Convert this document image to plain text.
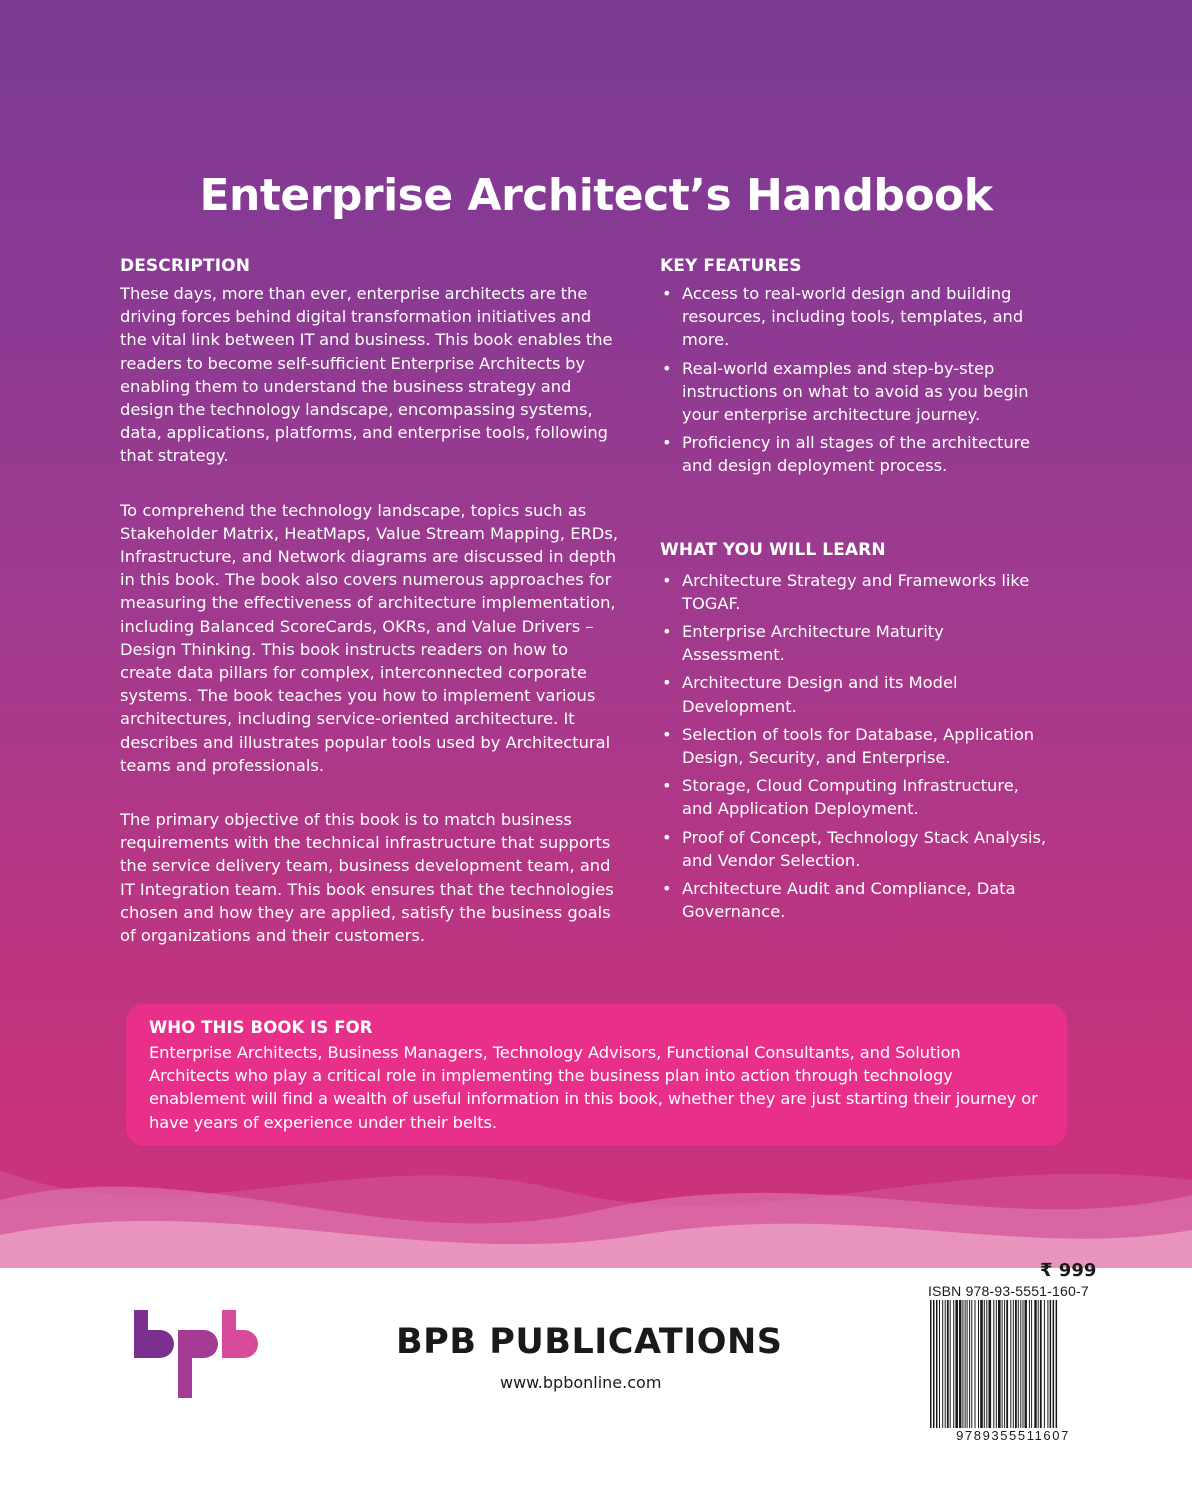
Enterprise Architect’s Handbook
DESCRIPTION

These days, more than ever, enterprise architects are the driving forces behind digital transformation initiatives and the vital link between IT and business. This book enables the readers to become self-sufficient Enterprise Architects by enabling them to understand the business strategy and design the technology landscape, encompassing systems, data, applications, platforms, and enterprise tools, following that strategy.

To comprehend the technology landscape, topics such as Stakeholder Matrix, HeatMaps, Value Stream Mapping, ERDs, Infrastructure, and Network diagrams are discussed in depth in this book. The book also covers numerous approaches for measuring the effectiveness of architecture implementation, including Balanced ScoreCards, OKRs, and Value Drivers – Design Thinking. This book instructs readers on how to create data pillars for complex, interconnected corporate systems. The book teaches you how to implement various architectures, including service-oriented architecture. It describes and illustrates popular tools used by Architectural teams and professionals.

The primary objective of this book is to match business requirements with the technical infrastructure that supports the service delivery team, business development team, and IT Integration team. This book ensures that the technologies chosen and how they are applied, satisfy the business goals of organizations and their customers.

KEY FEATURES
• Access to real-world design and building resources, including tools, templates, and more.
• Real-world examples and step-by-step instructions on what to avoid as you begin your enterprise architecture journey.
• Proficiency in all stages of the architecture and design deployment process.
WHAT YOU WILL LEARN
• Architecture Strategy and Frameworks like TOGAF.
• Enterprise Architecture Maturity Assessment.
• Architecture Design and its Model Development.
• Selection of tools for Database, Application Design, Security, and Enterprise.
• Storage, Cloud Computing Infrastructure, and Application Deployment.
• Proof of Concept, Technology Stack Analysis, and Vendor Selection.
• Architecture Audit and Compliance, Data Governance.
WHO THIS BOOK IS FOR

Enterprise Architects, Business Managers, Technology Advisors, Functional Consultants, and Solution Architects who play a critical role in implementing the business plan into action through technology enablement will find a wealth of useful information in this book, whether they are just starting their journey or have years of experience under their belts.

BPB PUBLICATIONS
www.bpbonline.com
₹ 999
ISBN 978-93-5551-160-7
9789355511607
